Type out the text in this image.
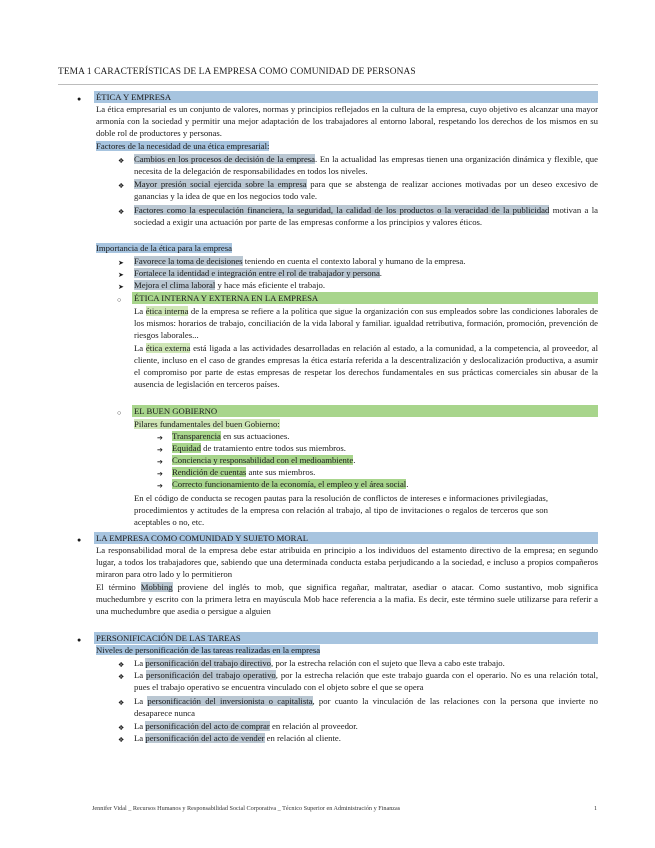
TEMA 1 CARACTERÍSTICAS DE LA EMPRESA COMO COMUNIDAD DE PERSONAS
● ÉTICA Y EMPRESA
La ética empresarial es un conjunto de valores, normas y principios reflejados en la cultura de la empresa, cuyo objetivo es alcanzar una mayor armonía con la sociedad y permitir una mejor adaptación de los trabajadores al entorno laboral, respetando los derechos de los mismos en su doble rol de productores y personas.
Factores de la necesidad de una ética empresarial:
❖ Cambios en los procesos de decisión de la empresa. En la actualidad las empresas tienen una organización dinámica y flexible, que necesita de la delegación de responsabilidades en todos los niveles.
❖ Mayor presión social ejercida sobre la empresa para que se abstenga de realizar acciones motivadas por un deseo excesivo de ganancias y la idea de que en los negocios todo vale.
❖ Factores como la especulación financiera, la seguridad, la calidad de los productos o la veracidad de la publicidad motivan a la sociedad a exigir una actuación por parte de las empresas conforme a los principios y valores éticos.
Importancia de la ética para la empresa
➤ Favorece la toma de decisiones teniendo en cuenta el contexto laboral y humano de la empresa.
➤ Fortalece la identidad e integración entre el rol de trabajador y persona.
➤ Mejora el clima laboral y hace más eficiente el trabajo.
○ ÉTICA INTERNA Y EXTERNA EN LA EMPRESA
La ética interna de la empresa se refiere a la política que sigue la organización con sus empleados sobre las condiciones laborales de los mismos: horarios de trabajo, conciliación de la vida laboral y familiar. igualdad retributiva, formación, promoción, prevención de riesgos laborales...
La ética externa está ligada a las actividades desarrolladas en relación al estado, a la comunidad, a la competencia, al proveedor, al cliente, incluso en el caso de grandes empresas la ética estaría referida a la descentralización y deslocalización productiva, a asumir el compromiso por parte de estas empresas de respetar los derechos fundamentales en sus prácticas comerciales sin abusar de la ausencia de legislación en terceros países.
○ EL BUEN GOBIERNO
Pilares fundamentales del buen Gobierno:
➔ Transparencia en sus actuaciones.
➔ Equidad de tratamiento entre todos sus miembros.
➔ Conciencia y responsabilidad con el medioambiente.
➔ Rendición de cuentas ante sus miembros.
➔ Correcto funcionamiento de la economía, el empleo y el área social.
En el código de conducta se recogen pautas para la resolución de conflictos de intereses e informaciones privilegiadas, procedimientos y actitudes de la empresa con relación al trabajo, al tipo de invitaciones o regalos de terceros que son aceptables o no, etc.
● LA EMPRESA COMO COMUNIDAD Y SUJETO MORAL
La responsabilidad moral de la empresa debe estar atribuida en principio a los individuos del estamento directivo de la empresa; en segundo lugar, a todos los trabajadores que, sabiendo que una determinada conducta estaba perjudicando a la sociedad, e incluso a propios compañeros miraron para otro lado y lo permitieron
El término Mobbing proviene del inglés to mob, que significa regañar, maltratar, asediar o atacar. Como sustantivo, mob significa muchedumbre y escrito con la primera letra en mayúscula Mob hace referencia a la mafia. Es decir, este término suele utilizarse para referir a una muchedumbre que asedia o persigue a alguien
● PERSONIFICACIÓN DE LAS TAREAS
Niveles de personificación de las tareas realizadas en la empresa
❖ La personificación del trabajo directivo, por la estrecha relación con el sujeto que lleva a cabo este trabajo.
❖ La personificación del trabajo operativo, por la estrecha relación que este trabajo guarda con el operario. No es una relación total, pues el trabajo operativo se encuentra vinculado con el objeto sobre el que se opera
❖ La personificación del inversionista o capitalista, por cuanto la vinculación de las relaciones con la persona que invierte no desaparece nunca
❖ La personificación del acto de comprar en relación al proveedor.
❖ La personificación del acto de vender en relación al cliente.
Jennifer Vidal _ Recursos Humanos y Responsabilidad Social Corporativa _ Técnico Superior en Administración y Finanzas	1
